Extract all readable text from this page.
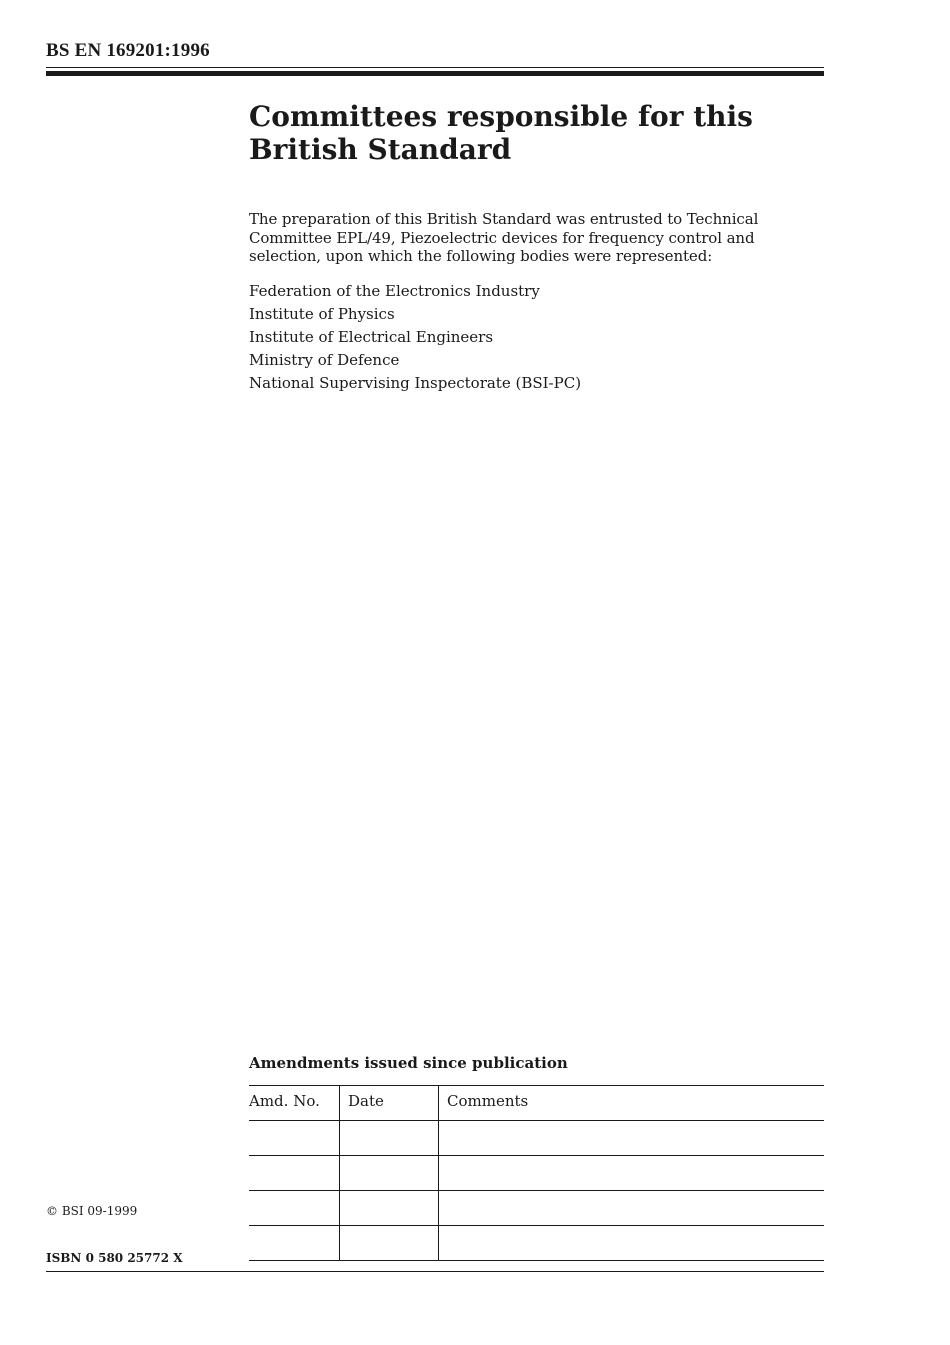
BS EN 169201:1996

Committees responsible for this British Standard

The preparation of this British Standard was entrusted to Technical Committee EPL/49, Piezoelectric devices for frequency control and selection, upon which the following bodies were represented:

Federation of the Electronics Industry
Institute of Physics
Institute of Electrical Engineers
Ministry of Defence
National Supervising Inspectorate (BSI-PC)

Amendments issued since publication

Amd. No.	Date	Comments

© BSI 09-1999

ISBN 0 580 25772 X
